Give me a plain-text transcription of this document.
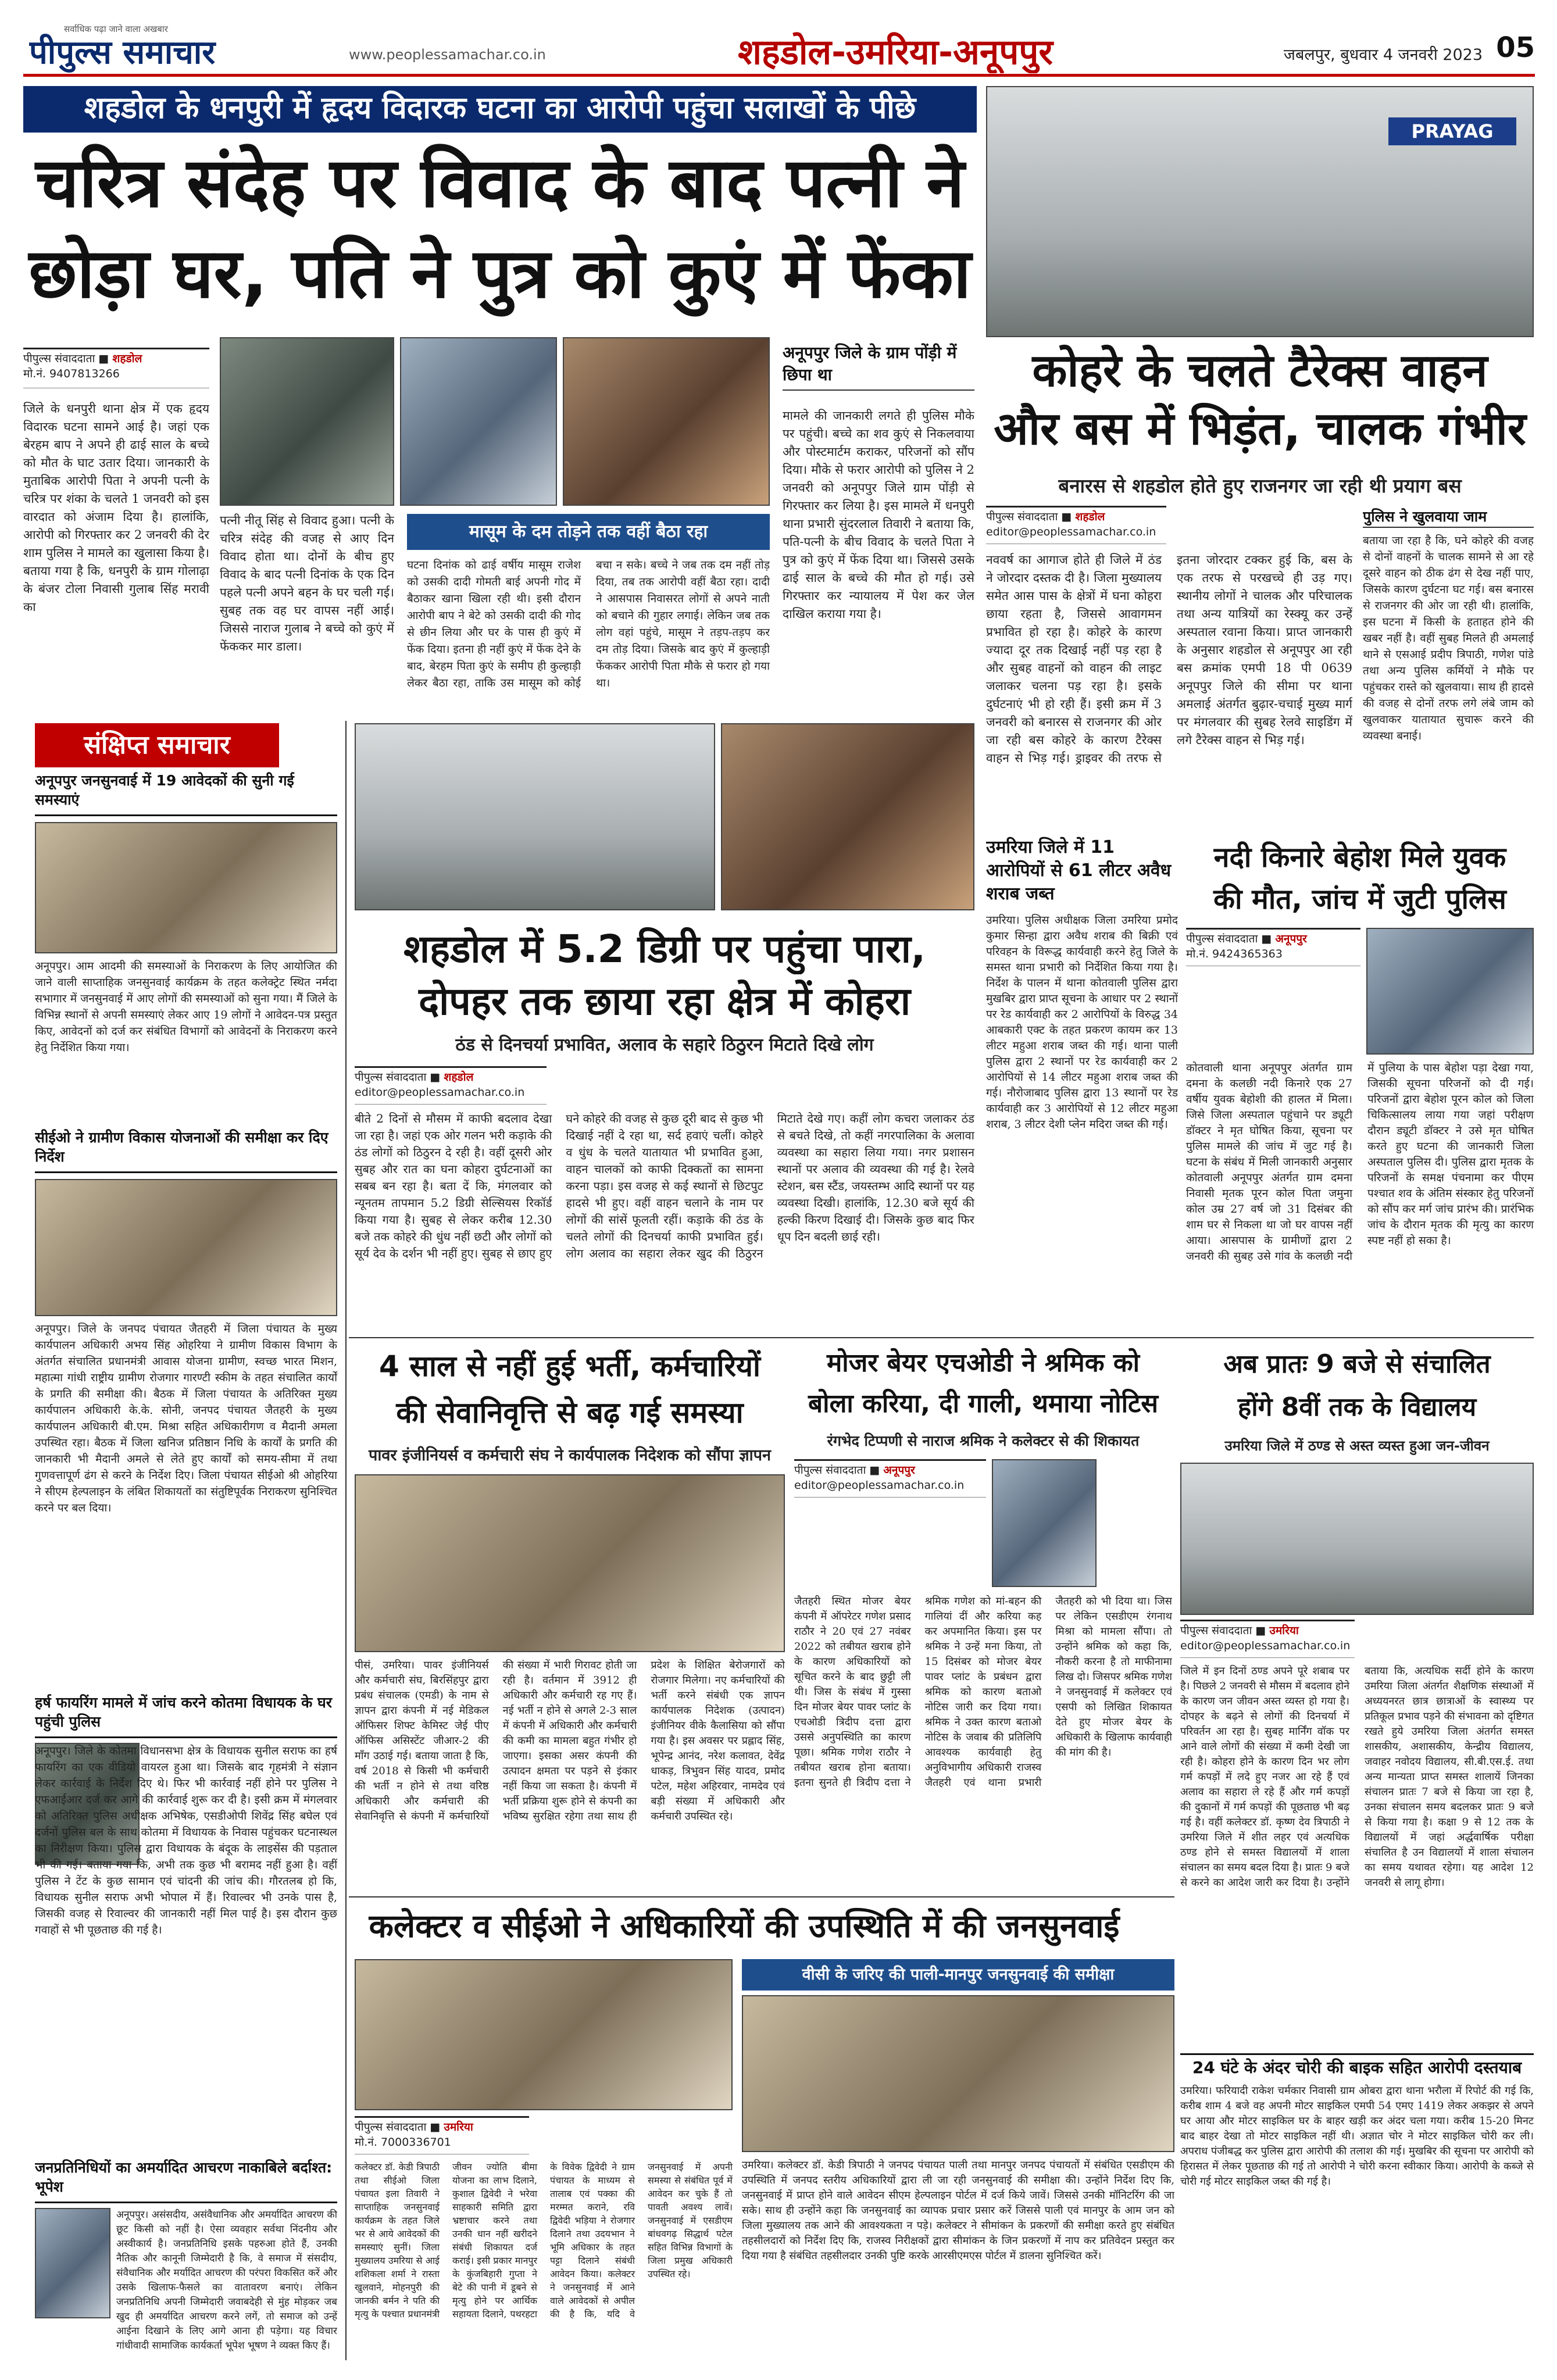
सर्वाधिक पढ़ा जाने वाला अखबार
पीपुल्स समाचार	www.peoplessamachar.co.in	शहडोल-उमरिया-अनूपपुर	जबलपुर, बुधवार 4 जनवरी 2023 05
शहडोल के धनपुरी में हृदय विदारक घटना का आरोपी पहुंचा सलाखों के पीछे
चरित्र संदेह पर विवाद के बाद पत्नी ने
छोड़ा घर, पति ने पुत्र को कुएं में फेंका
पीपुल्स संवाददाता ■ शहडोल
मो.नं. 9407813266
जिले के धनपुरी थाना क्षेत्र में एक हृदय विदारक घटना सामने आई है। जहां एक बेरहम बाप ने अपने ही ढाई साल के बच्चे को मौत के घाट उतार दिया। जानकारी के मुताबिक आरोपी पिता ने अपनी पत्नी के चरित्र पर शंका के चलते 1 जनवरी को इस वारदात को अंजाम दिया है। हालांकि, आरोपी को गिरफ्तार कर 2 जनवरी की देर शाम पुलिस ने मामले का खुलासा किया है। बताया गया है कि, धनपुरी के ग्राम गोलाढ़ा के बंजर टोला निवासी गुलाब सिंह मरावी का
पत्नी नीतू सिंह से विवाद हुआ। पत्नी के चरित्र संदेह की वजह से आए दिन विवाद होता था। दोनों के बीच हुए विवाद के बाद पत्नी दिनांक के एक दिन पहले पत्नी अपने बहन के घर चली गई। सुबह तक वह घर वापस नहीं आई। जिससे नाराज गुलाब ने बच्चे को कुएं में फेंककर मार डाला।
मासूम के दम तोड़ने तक वहीं बैठा रहा
घटना दिनांक को ढाई वर्षीय मासूम राजेश को उसकी दादी गोमती बाई अपनी गोद में बैठाकर खाना खिला रही थी। इसी दौरान आरोपी बाप ने बेटे को उसकी दादी की गोद से छीन लिया और घर के पास ही कुएं में फेंक दिया। इतना ही नहीं कुएं में फेंक देने के बाद, बेरहम पिता कुएं के समीप ही कुल्हाड़ी लेकर बैठा रहा, ताकि उस मासूम को कोई बचा न सके। बच्चे ने जब तक दम नहीं तोड़ दिया, तब तक आरोपी वहीं बैठा रहा। दादी ने आसपास निवासरत लोगों से अपने नाती को बचाने की गुहार लगाई। लेकिन जब तक लोग वहां पहुंचे, मासूम ने तड़प-तड़प कर दम तोड़ दिया। जिसके बाद कुएं में कुल्हाड़ी फेंककर आरोपी पिता मौके से फरार हो गया था।
अनूपपुर जिले के ग्राम पोंड़ी में छिपा था
मामले की जानकारी लगते ही पुलिस मौके पर पहुंची। बच्चे का शव कुएं से निकलवाया और पोस्टमार्टम कराकर, परिजनों को सौंप दिया। मौके से फरार आरोपी को पुलिस ने 2 जनवरी को अनूपपुर जिले ग्राम पोंड़ी से गिरफ्तार कर लिया है। इस मामले में धनपुरी थाना प्रभारी सुंदरलाल तिवारी ने बताया कि, पति-पत्नी के बीच विवाद के चलते पिता ने पुत्र को कुएं में फेंक दिया था। जिससे उसके ढाई साल के बच्चे की मौत हो गई। उसे गिरफ्तार कर न्यायालय में पेश कर जेल दाखिल कराया गया है।
PRAYAG
कोहरे के चलते टैरेक्स वाहन
और बस में भिड़ंत, चालक गंभीर
बनारस से शहडोल होते हुए राजनगर जा रही थी प्रयाग बस
पीपुल्स संवाददाता ■ शहडोल
editor@peoplessamachar.co.in
नववर्ष का आगाज होते ही जिले में ठंड ने जोरदार दस्तक दी है। जिला मुख्यालय समेत आस पास के क्षेत्रों में घना कोहरा छाया रहता है, जिससे आवागमन प्रभावित हो रहा है। कोहरे के कारण ज्यादा दूर तक दिखाई नहीं पड़ रहा है और सुबह वाहनों को वाहन की लाइट जलाकर चलना पड़ रहा है। इसके दुर्घटनाएं भी हो रही हैं। इसी क्रम में 3 जनवरी को बनारस से राजनगर की ओर जा रही बस कोहरे के कारण टैरेक्स वाहन से भिड़ गई। ड्राइवर की तरफ से इतना जोरदार टक्कर हुई कि, बस के एक तरफ से परखच्चे ही उड़ गए। स्थानीय लोगों ने चालक और परिचालक तथा अन्य यात्रियों का रेस्क्यू कर उन्हें अस्पताल रवाना किया। प्राप्त जानकारी के अनुसार शहडोल से अनूपपुर आ रही बस क्रमांक एमपी 18 पी 0639 अनूपपुर जिले की सीमा पर थाना अमलाई अंतर्गत बुढ़ार-चचाई मुख्य मार्ग पर मंगलवार की सुबह रेलवे साइडिंग में लगे टैरेक्स वाहन से भिड़ गई।
पुलिस ने खुलवाया जाम
बताया जा रहा है कि, घने कोहरे की वजह से दोनों वाहनों के चालक सामने से आ रहे दूसरे वाहन को ठीक ढंग से देख नहीं पाए, जिसके कारण दुर्घटना घट गई। बस बनारस से राजनगर की ओर जा रही थी। हालांकि, इस घटना में किसी के हताहत होने की खबर नहीं है। वहीं सुबह मिलते ही अमलाई थाने से एसआई प्रदीप त्रिपाठी, गणेश पांडे तथा अन्य पुलिस कर्मियों ने मौके पर पहुंचकर रास्ते को खुलवाया। साथ ही हादसे की वजह से दोनों तरफ लगे लंबे जाम को खुलवाकर यातायात सुचारू करने की व्यवस्था बनाई।
संक्षिप्त समाचार
अनूपपुर जनसुनवाई में 19 आवेदकों की सुनी गई समस्याएं
अनूपपुर। आम आदमी की समस्याओं के निराकरण के लिए आयोजित की जाने वाली साप्ताहिक जनसुनवाई कार्यक्रम के तहत कलेक्ट्रेट स्थित नर्मदा सभागार में जनसुनवाई में आए लोगों की समस्याओं को सुना गया। मैं जिले के विभिन्न स्थानों से अपनी समस्याएं लेकर आए 19 लोगों ने आवेदन-पत्र प्रस्तुत किए, आवेदनों को दर्ज कर संबंधित विभागों को आवेदनों के निराकरण करने हेतु निर्देशित किया गया।
सीईओ ने ग्रामीण विकास योजनाओं की समीक्षा कर दिए निर्देश
अनूपपुर। जिले के जनपद पंचायत जैतहरी में जिला पंचायत के मुख्य कार्यपालन अधिकारी अभय सिंह ओहरिया ने ग्रामीण विकास विभाग के अंतर्गत संचालित प्रधानमंत्री आवास योजना ग्रामीण, स्वच्छ भारत मिशन, महात्मा गांधी राष्ट्रीय ग्रामीण रोजगार गारण्टी स्कीम के तहत संचालित कार्यों के प्रगति की समीक्षा की। बैठक में जिला पंचायत के अतिरिक्त मुख्य कार्यपालन अधिकारी के.के. सोनी, जनपद पंचायत जैतहरी के मुख्य कार्यपालन अधिकारी बी.एम. मिश्रा सहित अधिकारीगण व मैदानी अमला उपस्थित रहा। बैठक में जिला खनिज प्रतिष्ठान निधि के कार्यों के प्रगति की जानकारी भी मैदानी अमले से लेते हुए कार्यों को समय-सीमा में तथा गुणवत्तापूर्ण ढंग से करने के निर्देश दिए। जिला पंचायत सीईओ श्री ओहरिया ने सीएम हेल्पलाइन के लंबित शिकायतों का संतुष्टिपूर्वक निराकरण सुनिश्चित करने पर बल दिया।
हर्ष फायरिंग मामले में जांच करने कोतमा विधायक के घर पहुंची पुलिस
अनूपपुर। जिले के कोतमा विधानसभा क्षेत्र के विधायक सुनील सराफ का हर्ष फायरिंग का एक वीडियो वायरल हुआ था। जिसके बाद गृहमंत्री ने संज्ञान लेकर कार्रवाई के निर्देश दिए थे। फिर भी कार्रवाई नहीं होने पर पुलिस ने एफआईआर दर्ज कर आगे की कार्रवाई शुरू कर दी है। इसी क्रम में मंगलवार को अतिरिक्त पुलिस अधीक्षक अभिषेक, एसडीओपी शिवेंद्र सिंह बघेल एवं दर्जनों पुलिस बल के साथ कोतमा में विधायक के निवास पहुंचकर घटनास्थल का निरीक्षण किया। पुलिस द्वारा विधायक के बंदूक के लाइसेंस की पड़ताल भी की गई। बताया गया कि, अभी तक कुछ भी बरामद नहीं हुआ है। वहीं पुलिस ने टेंट के कुछ सामान एवं चांदनी की जांच की। गौरतलब हो कि, विधायक सुनील सराफ अभी भोपाल में हैं। रिवाल्वर भी उनके पास है, जिसकी वजह से रिवाल्वर की जानकारी नहीं मिल पाई है। इस दौरान कुछ गवाहों से भी पूछताछ की गई है।
जनप्रतिनिधियों का अमर्यादित आचरण नाकाबिले बर्दाश्त: भूपेश
अनूपपुर। असंसदीय, असंवैधानिक और अमर्यादित आचरण की छूट किसी को नहीं है। ऐसा व्यवहार सर्वथा निंदनीय और अस्वीकार्य है। जनप्रतिनिधि इसके पहरुआ होते हैं, उनकी नैतिक और कानूनी जिम्मेदारी है कि, वे समाज में संसदीय, संवैधानिक और मर्यादित आचरण की परंपरा विकसित करें और उसके खिलाफ-फैसले का वातावरण बनाएं। लेकिन जनप्रतिनिधि अपनी जिम्मेदारी जवाबदेही से मुंह मोड़कर जब खुद ही अमर्यादित आचरण करने लगें, तो समाज को उन्हें आईना दिखाने के लिए आगे आना ही पड़ेगा। यह विचार गांधीवादी सामाजिक कार्यकर्ता भूपेश भूषण ने व्यक्त किए हैं।
शहडोल में 5.2 डिग्री पर पहुंचा पारा,
दोपहर तक छाया रहा क्षेत्र में कोहरा
ठंड से दिनचर्या प्रभावित, अलाव के सहारे ठिठुरन मिटाते दिखे लोग
पीपुल्स संवाददाता ■ शहडोल
editor@peoplessamachar.co.in
बीते 2 दिनों से मौसम में काफी बदलाव देखा जा रहा है। जहां एक ओर गलन भरी कड़ाके की ठंड लोगों को ठिठुरन दे रही है। वहीं दूसरी ओर सुबह और रात का घना कोहरा दुर्घटनाओं का सबब बन रहा है। बता दें कि, मंगलवार को न्यूनतम तापमान 5.2 डिग्री सेल्सियस रिकॉर्ड किया गया है। सुबह से लेकर करीब 12.30 बजे तक कोहरे की धुंध नहीं छटी और लोगों को सूर्य देव के दर्शन भी नहीं हुए। सुबह से छाए हुए घने कोहरे की वजह से कुछ दूरी बाद से कुछ भी दिखाई नहीं दे रहा था, सर्द हवाएं चलीं। कोहरे व धुंध के चलते यातायात भी प्रभावित हुआ, वाहन चालकों को काफी दिक्कतों का सामना करना पड़ा। इस वजह से कई स्थानों से छिटपुट हादसे भी हुए। वहीं वाहन चलाने के नाम पर लोगों की सांसें फूलती रहीं। कड़ाके की ठंड के चलते लोगों की दिनचर्या काफी प्रभावित हुई। लोग अलाव का सहारा लेकर खुद की ठिठुरन मिटाते देखे गए। कहीं लोग कचरा जलाकर ठंड से बचते दिखे, तो कहीं नगरपालिका के अलावा व्यवस्था का सहारा लिया गया। नगर प्रशासन स्थानों पर अलाव की व्यवस्था की गई है। रेलवे स्टेशन, बस स्टैंड, जयस्तम्भ आदि स्थानों पर यह व्यवस्था दिखी। हालांकि, 12.30 बजे सूर्य की हल्की किरण दिखाई दी। जिसके कुछ बाद फिर धूप दिन बदली छाई रही।
उमरिया जिले में 11 आरोपियों से 61 लीटर अवैध शराब जब्त
उमरिया। पुलिस अधीक्षक जिला उमरिया प्रमोद कुमार सिन्हा द्वारा अवैध शराब की बिक्री एवं परिवहन के विरूद्ध कार्यवाही करने हेतु जिले के समस्त थाना प्रभारी को निर्देशित किया गया है। निर्देश के पालन में थाना कोतवाली पुलिस द्वारा मुखबिर द्वारा प्राप्त सूचना के आधार पर 2 स्थानों पर रेड कार्यवाही कर 2 आरोपियों के विरुद्ध 34 आबकारी एक्ट के तहत प्रकरण कायम कर 13 लीटर महुआ शराब जब्त की गई। थाना पाली पुलिस द्वारा 2 स्थानों पर रेड कार्यवाही कर 2 आरोपियों से 14 लीटर महुआ शराब जब्त की गई। नौरोजाबाद पुलिस द्वारा 13 स्थानों पर रेड कार्यवाही कर 3 आरोपियों से 12 लीटर महुआ शराब, 3 लीटर देशी प्लेन मदिरा जब्त की गई।
नदी किनारे बेहोश मिले युवक
की मौत, जांच में जुटी पुलिस
पीपुल्स संवाददाता ■ अनूपपुर
मो.नं. 9424365363
कोतवाली थाना अनूपपुर अंतर्गत ग्राम दमना के कलछी नदी किनारे एक 27 वर्षीय युवक बेहोशी की हालत में मिला। जिसे जिला अस्पताल पहुंचाने पर ड्यूटी डॉक्टर ने मृत घोषित किया, सूचना पर पुलिस मामले की जांच में जुट गई है। घटना के संबंध में मिली जानकारी अनुसार कोतवाली अनूपपुर अंतर्गत ग्राम दमना निवासी मृतक पूरन कोल पिता जमुना कोल उम्र 27 वर्ष जो 31 दिसंबर की शाम घर से निकला था जो घर वापस नहीं आया। आसपास के ग्रामीणों द्वारा 2 जनवरी की सुबह उसे गांव के कलछी नदी में पुलिया के पास बेहोश पड़ा देखा गया, जिसकी सूचना परिजनों को दी गई। परिजनों द्वारा बेहोश पूरन कोल को जिला चिकित्सालय लाया गया जहां परीक्षण दौरान ड्यूटी डॉक्टर ने उसे मृत घोषित करते हुए घटना की जानकारी जिला अस्पताल पुलिस दी। पुलिस द्वारा मृतक के परिजनों के समक्ष पंचनामा कर पीएम पश्चात शव के अंतिम संस्कार हेतु परिजनों को सौंप कर मर्ग जांच प्रारंभ की। प्रारंभिक जांच के दौरान मृतक की मृत्यु का कारण स्पष्ट नहीं हो सका है।
4 साल से नहीं हुई भर्ती, कर्मचारियों
की सेवानिवृत्ति से बढ़ गई समस्या
पावर इंजीनियर्स व कर्मचारी संघ ने कार्यपालक निदेशक को सौंपा ज्ञापन
पीसं, उमरिया। पावर इंजीनियर्स और कर्मचारी संघ, बिरसिंहपुर द्वारा प्रबंध संचालक (एमडी) के नाम से ज्ञापन द्वारा कंपनी में नई मेडिकल ऑफिसर शिफ्ट केमिस्ट जेई पीए ऑफिस असिस्टेंट जीआर-2 की माँग उठाई गई। बताया जाता है कि, वर्ष 2018 से किसी भी कर्मचारी की भर्ती न होने से तथा वरिष्ठ अधिकारी और कर्मचारी की सेवानिवृत्ति से कंपनी में कर्मचारियों की संख्या में भारी गिरावट होती जा रही है। वर्तमान में 3912 ही अधिकारी और कर्मचारी रह गए हैं। नई भर्ती न होने से अगले 2-3 साल में कंपनी में अधिकारी और कर्मचारी की कमी का मामला बहुत गंभीर हो जाएगा। इसका असर कंपनी की उत्पादन क्षमता पर पड़ने से इंकार नहीं किया जा सकता है। कंपनी में भर्ती प्रक्रिया शुरू होने से कंपनी का भविष्य सुरक्षित रहेगा तथा साथ ही प्रदेश के शिक्षित बेरोजगारों को रोजगार मिलेगा। नए कर्मचारियों की भर्ती करने संबंधी एक ज्ञापन कार्यपालक निदेशक (उत्पादन) इंजीनियर वीके कैलासिया को सौंपा गया है। इस अवसर पर प्रह्लाद सिंह, भूपेन्द्र आनंद, नरेश कलावत, देवेंद्र धाकड़, त्रिभुवन सिंह यादव, प्रमोद पटेल, महेश अहिरवार, नामदेव एवं बड़ी संख्या में अधिकारी और कर्मचारी उपस्थित रहे।
मोजर बेयर एचओडी ने श्रमिक को
बोला करिया, दी गाली, थमाया नोटिस
रंगभेद टिप्पणी से नाराज श्रमिक ने कलेक्टर से की शिकायत
पीपुल्स संवाददाता ■ अनूपपुर
editor@peoplessamachar.co.in
जैतहरी स्थित मोजर बेयर कंपनी में ऑपरेटर गणेश प्रसाद राठौर ने 20 एवं 27 नवंबर 2022 को तबीयत खराब होने के कारण अधिकारियों को सूचित करने के बाद छुट्टी ली थी। जिस के संबंध में गुस्सा दिन मोजर बेयर पावर प्लांट के एचओडी त्रिदीप दत्ता द्वारा उससे अनुपस्थिति का कारण पूछा। श्रमिक गणेश राठौर ने तबीयत खराब होना बताया। इतना सुनते ही त्रिदीप दत्ता ने श्रमिक गणेश को मां-बहन की गालियां दीं और करिया कह कर अपमानित किया। इस पर श्रमिक ने उन्हें मना किया, तो 15 दिसंबर को मोजर बेयर पावर प्लांट के प्रबंधन द्वारा श्रमिक को कारण बताओ नोटिस जारी कर दिया गया। श्रमिक ने उक्त कारण बताओ नोटिस के जवाब की प्रतिलिपि आवश्यक कार्यवाही हेतु अनुविभागीय अधिकारी राजस्व जैतहरी एवं थाना प्रभारी जैतहरी को भी दिया था। जिस पर लेकिन एसडीएम रंगनाथ मिश्रा को मामला सौंपा। तो उन्होंने श्रमिक को कहा कि, नौकरी करना है तो माफीनामा लिख दो। जिसपर श्रमिक गणेश ने जनसुनवाई में कलेक्टर एवं एसपी को लिखित शिकायत देते हुए मोजर बेयर के अधिकारी के खिलाफ कार्यवाही की मांग की है।
अब प्रातः 9 बजे से संचालित
होंगे 8वीं तक के विद्यालय
उमरिया जिले में ठण्ड से अस्त व्यस्त हुआ जन-जीवन
पीपुल्स संवाददाता ■ उमरिया
editor@peoplessamachar.co.in
जिले में इन दिनों ठण्ड अपने पूरे शबाब पर है। पिछले 2 जनवरी से मौसम में बदलाव होने के कारण जन जीवन अस्त व्यस्त हो गया है। दोपहर के बढ़ने से लोगों की दिनचर्या में परिवर्तन आ रहा है। सुबह मार्निंग वॉक पर आने वाले लोगों की संख्या में कमी देखी जा रही है। कोहरा होने के कारण दिन भर लोग गर्म कपड़ों में लदे हुए नजर आ रहे हैं एवं अलाव का सहारा ले रहे हैं और गर्म कपड़ों की दुकानों में गर्म कपड़ों की पूछताछ भी बढ़ गई है। वहीं कलेक्टर डॉ. कृष्ण देव त्रिपाठी ने उमरिया जिले में शीत लहर एवं अत्यधिक ठण्ड होने से समस्त विद्यालयों में शाला संचालन का समय बदल दिया है। प्रातः 9 बजे से करने का आदेश जारी कर दिया है। उन्होंने बताया कि, अत्यधिक सर्दी होने के कारण उमरिया जिला अंतर्गत शैक्षणिक संस्थाओं में अध्ययनरत छात्र छात्राओं के स्वास्थ्य पर प्रतिकूल प्रभाव पड़ने की संभावना को दृष्टिगत रखते हुये उमरिया जिला अंतर्गत समस्त शासकीय, अशासकीय, केन्द्रीय विद्यालय, जवाहर नवोदय विद्यालय, सी.बी.एस.ई. तथा अन्य मान्यता प्राप्त समस्त शालायें जिनका संचालन प्रातः 7 बजे से किया जा रहा है, उनका संचालन समय बदलकर प्रातः 9 बजे से किया गया है। कक्षा 9 से 12 तक के विद्यालयों में जहां अर्द्धवार्षिक परीक्षा संचालित है उन विद्यालयों में शाला संचालन का समय यथावत रहेगा। यह आदेश 12 जनवरी से लागू होगा।
24 घंटे के अंदर चोरी की बाइक सहित आरोपी दस्तयाब
उमरिया। फरियादी राकेश चर्मकार निवासी ग्राम ओबरा द्वारा थाना भरौला में रिपोर्ट की गई कि, करीब शाम 4 बजे वह अपनी मोटर साइकिल एमपी 54 एमए 1419 लेकर अकझर से अपने घर आया और मोटर साइकिल घर के बाहर खड़ी कर अंदर चला गया। करीब 15-20 मिनट बाद बाहर देखा तो मोटर साइकिल नहीं थी। अज्ञात चोर ने मोटर साइकिल चोरी कर ली। अपराध पंजीबद्ध कर पुलिस द्वारा आरोपी की तलाश की गई। मुखबिर की सूचना पर आरोपी को हिरासत में लेकर पूछताछ की गई तो आरोपी ने चोरी करना स्वीकार किया। आरोपी के कब्जे से चोरी गई मोटर साइकिल जब्त की गई है।
कलेक्टर व सीईओ ने अधिकारियों की उपस्थिति में की जनसुनवाई
पीपुल्स संवाददाता ■ उमरिया
मो.नं. 7000336701
कलेक्टर डॉ. केडी त्रिपाठी तथा सीईओ जिला पंचायत इला तिवारी ने साप्ताहिक जनसुनवाई कार्यक्रम के तहत जिले भर से आये आवेदकों की समस्याएं सुनीं। जिला मुख्यालय उमरिया से आई शशिकला शर्मा ने रास्ता खुलवाने, मोहनपुरी की जानकी बर्मन ने पति की मृत्यु के पश्चात प्रधानमंत्री जीवन ज्योति बीमा योजना का लाभ दिलाने, कुशाल द्विवेदी ने भरेवा साहकारी समिति द्वारा भ्रष्टाचार करने तथा उनकी धान नहीं खरीदने संबंधी शिकायत दर्ज कराई। इसी प्रकार मानपुर के कुंजबिहारी गुप्ता ने बेटे की पानी में डूबने से मृत्यु होने पर आर्थिक सहायता दिलाने, पथरहटा के विवेक द्विवेदी ने ग्राम पंचायत के माध्यम से तालाब एवं पक्का की मरम्मत कराने, रवि द्विवेदी भड़िया ने रोजगार दिलाने तथा उदयभान ने भूमि अधिकार के तहत पट्टा दिलाने संबंधी आवेदन किया। कलेक्टर ने जनसुनवाई में आने वाले आवेदकों से अपील की है कि, यदि वे जनसुनवाई में अपनी समस्या से संबंधित पूर्व में आवेदन कर चुके हैं तो पावती अवश्य लावें। जनसुनवाई में एसडीएम बांधवगढ़ सिद्धार्थ पटेल सहित विभिन्न विभागों के जिला प्रमुख अधिकारी उपस्थित रहे।
वीसी के जरिए की पाली-मानपुर जनसुनवाई की समीक्षा
उमरिया। कलेक्टर डॉ. केडी त्रिपाठी ने जनपद पंचायत पाली तथा मानपुर जनपद पंचायतों में संबंधित एसडीएम की उपस्थिति में जनपद स्तरीय अधिकारियों द्वारा ली जा रही जनसुनवाई की समीक्षा की। उन्होंने निर्देश दिए कि, जनसुनवाई में प्राप्त होने वाले आवेदन सीएम हेल्पलाइन पोर्टल में दर्ज किये जावें। जिससे उनकी मॉनिटरिंग की जा सके। साथ ही उन्होंने कहा कि जनसुनवाई का व्यापक प्रचार प्रसार करें जिससे पाली एवं मानपुर के आम जन को जिला मुख्यालय तक आने की आवश्यकता न पड़े। कलेक्टर ने सीमांकन के प्रकरणों की समीक्षा करते हुए संबंधित तहसीलदारों को निर्देश दिए कि, राजस्व निरीक्षकों द्वारा सीमांकन के जिन प्रकरणों में नाप कर प्रतिवेदन प्रस्तुत कर दिया गया है संबंधित तहसीलदार उनकी पुष्टि करके आरसीएमएस पोर्टल में डालना सुनिश्चित करें।
